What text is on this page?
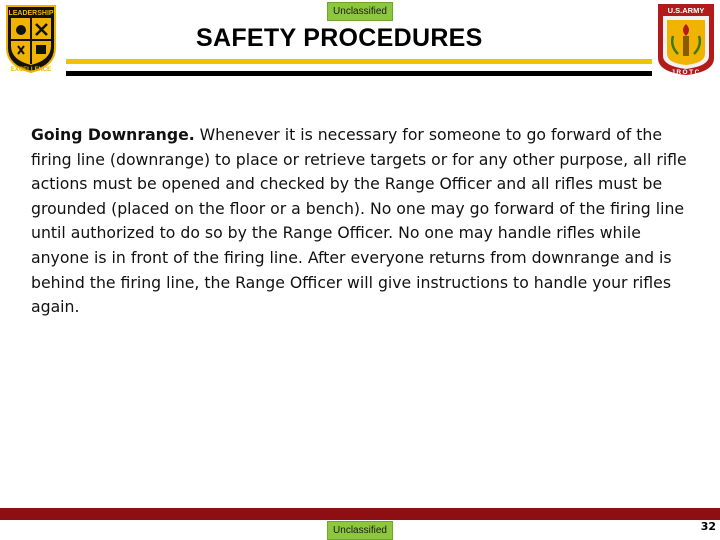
Unclassified
LEADERSHIP
EXCELLENCE
SAFETY PROCEDURES
U.S.ARMY
JROTC

Going Downrange. Whenever it is necessary for someone to go forward of the firing line (downrange) to place or retrieve targets or for any other purpose, all rifle actions must be opened and checked by the Range Officer and all rifles must be grounded (placed on the floor or a bench). No one may go forward of the firing line until authorized to do so by the Range Officer. No one may handle rifles while anyone is in front of the firing line. After everyone returns from downrange and is behind the firing line, the Range Officer will give instructions to handle your rifles again.

Unclassified	32
